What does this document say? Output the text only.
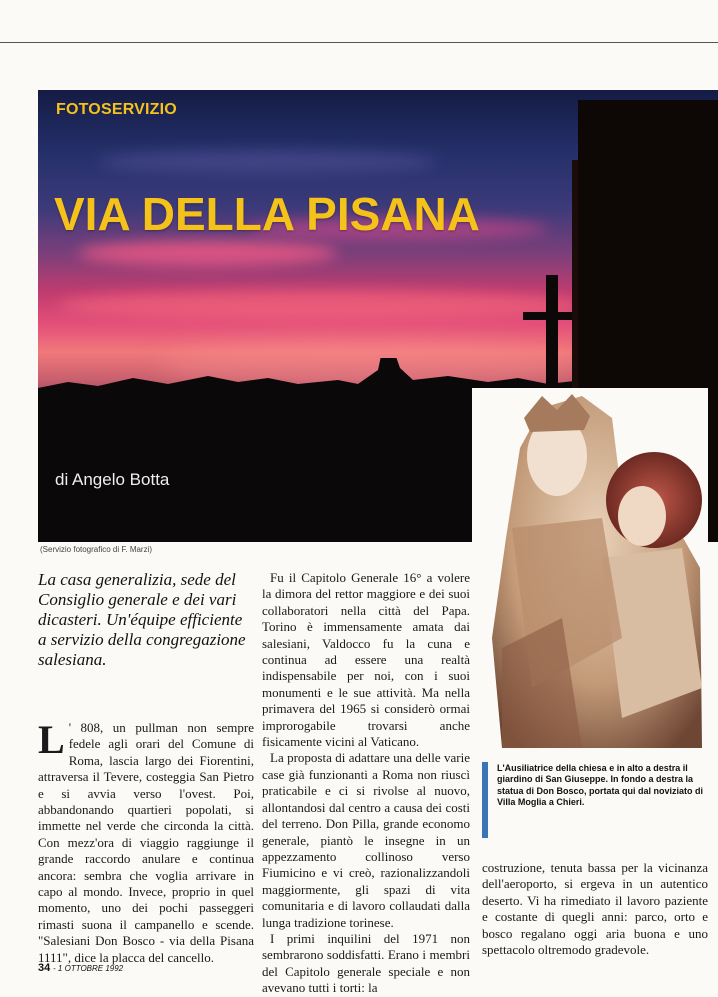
FOTOSERVIZIO
VIA DELLA PISANA
di Angelo Botta
(Servizio fotografico di F. Marzi)
La casa generalizia, sede del Consiglio generale e dei vari dicasteri. Un'équipe efficiente a servizio della congregazione salesiana.

L ' 808, un pullman non sempre fedele agli orari del Comune di Roma, lascia largo dei Fiorentini, attraversa il Tevere, costeggia San Pietro e si avvia verso l'ovest. Poi, abbandonando quartieri popolati, si immette nel verde che circonda la città. Con mezz'ora di viaggio raggiunge il grande raccordo anulare e continua ancora: sembra che voglia arrivare in capo al mondo. Invece, proprio in quel momento, uno dei pochi passeggeri rimasti suona il campanello e scende. "Salesiani Don Bosco - via della Pisana 1111", dice la placca del cancello.

Fu il Capitolo Generale 16° a volere la dimora del rettor maggiore e dei suoi collaboratori nella città del Papa. Torino è immensamente amata dai salesiani, Valdocco fu la cuna e continua ad essere una realtà indispensabile per noi, con i suoi monumenti e le sue attività. Ma nella primavera del 1965 si considerò ormai improrogabile trovarsi anche fisicamente vicini al Vaticano.

La proposta di adattare una delle varie case già funzionanti a Roma non riuscì praticabile e ci si rivolse al nuovo, allontandosi dal centro a causa dei costi del terreno. Don Pilla, grande economo generale, piantò le insegne in un appezzamento collinoso verso Fiumicino e vi creò, razionalizzandoli maggiormente, gli spazi di vita comunitaria e di lavoro collaudati dalla lunga tradizione torinese.

I primi inquilini del 1971 non sembrarono soddisfatti. Erano i membri del Capitolo generale speciale e non avevano tutti i torti: la

L'Ausiliatrice della chiesa e in alto a destra il giardino di San Giuseppe. In fondo a destra la statua di Don Bosco, portata qui dal noviziato di Villa Moglia a Chieri.

costruzione, tenuta bassa per la vicinanza dell'aeroporto, si ergeva in un autentico deserto. Vi ha rimediato il lavoro paziente e costante di quegli anni: parco, orto e bosco regalano oggi aria buona e uno spettacolo oltremodo gradevole.

34 - 1 OTTOBRE 1992
